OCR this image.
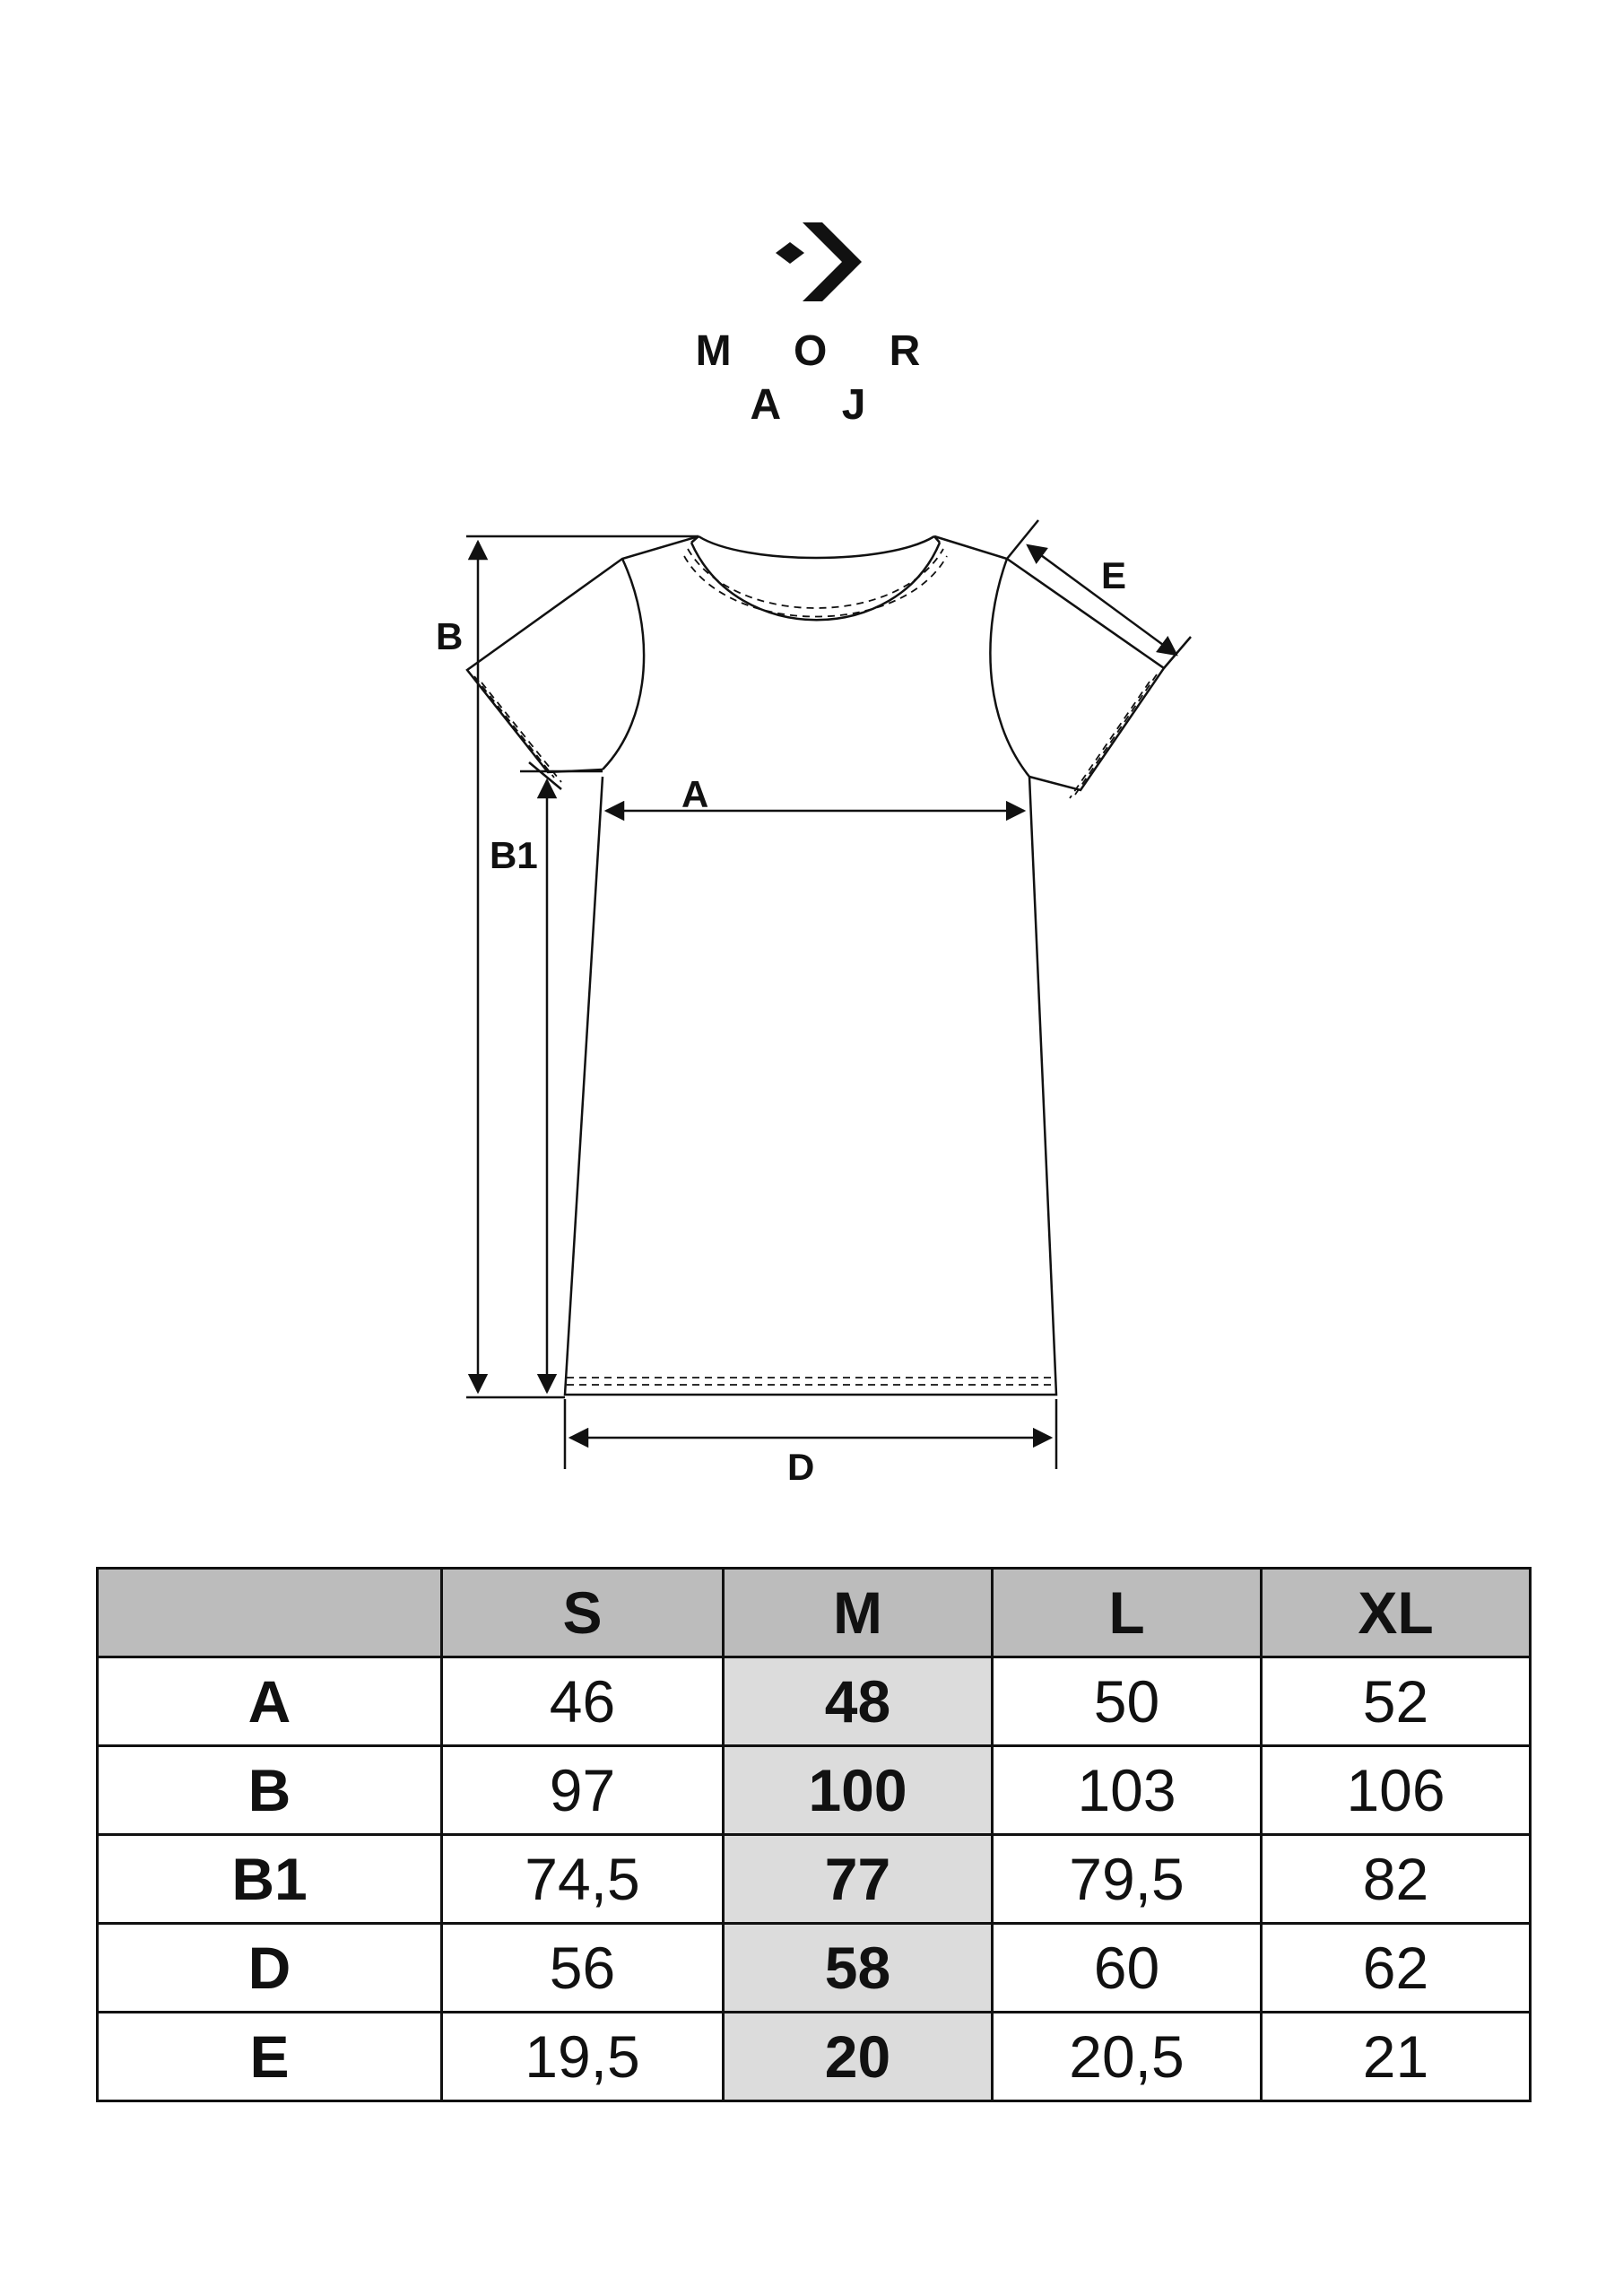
M O R A J
B
B1
A
D
E
	S	M	L	XL
A	46	48	50	52
B	97	100	103	106
B1	74,5	77	79,5	82
D	56	58	60	62
E	19,5	20	20,5	21
